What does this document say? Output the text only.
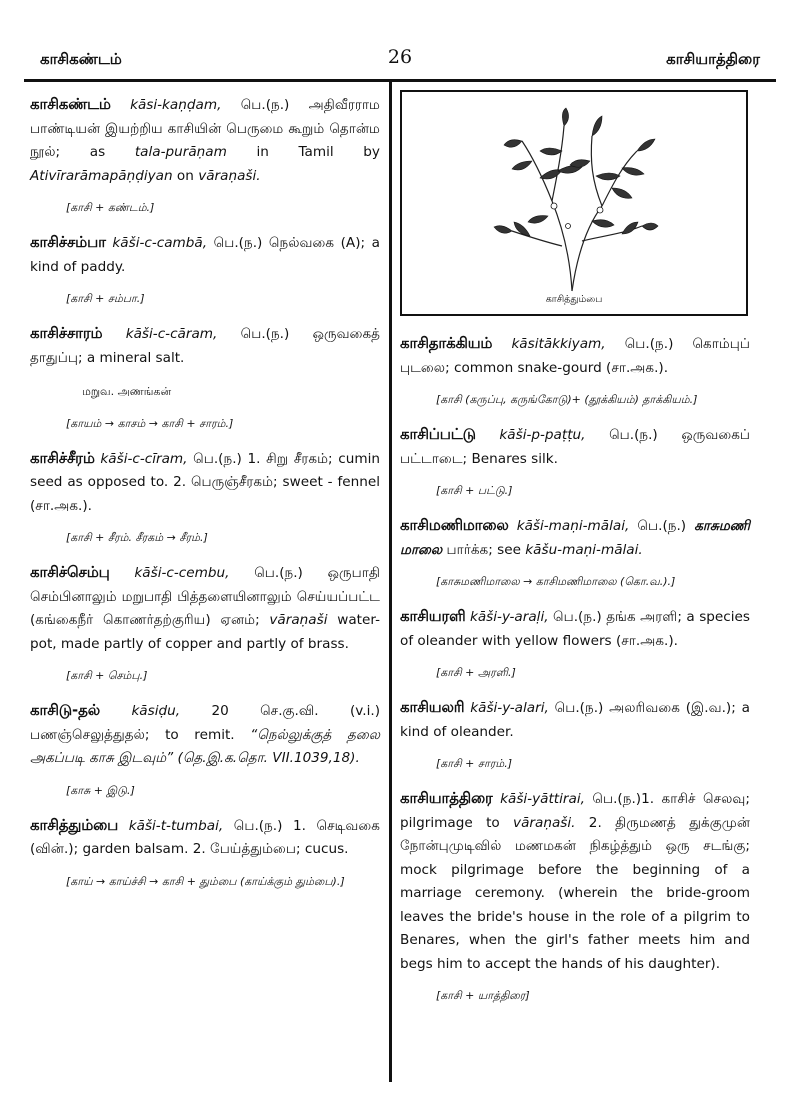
காசிகண்டம்	26	காசியாத்திரை
காசிகண்டம் kāsi-kaṇḍam, பெ.(ந.) அதிவீரராம பாண்டியன் இயற்றிய காசியின் பெருமை கூறும் தொன்ம நூல்; as tala-purāṇam in Tamil by Ativīrarāmapāṇḍiyan on vāraṇaši.
[காசி + கண்டம்.]
காசிச்சம்பா kāši-c-cambā, பெ.(ந.) நெல்வகை (A); a kind of paddy.
[காசி + சம்பா.]
காசிச்சாரம் kāši-c-cāram, பெ.(ந.) ஒருவகைத் தாதுப்பு; a mineral salt.
மறுவ. அணங்கன்
[காயம் → காசம் → காசி + சாரம்.]
காசிச்சீரம் kāši-c-cīram, பெ.(ந.) 1. சிறு சீரகம்; cumin seed as opposed to. 2. பெருஞ்சீரகம்; sweet - fennel (சா.அக.).
[காசி + சீரம். சீரகம் → சீரம்.]
காசிச்செம்பு kāši-c-cembu, பெ.(ந.) ஒருபாதி செம்பினாலும் மறுபாதி பித்தளையினாலும் செய்யப்பட்ட (கங்கைநீர் கொணர்தற்குரிய) ஏனம்; vāraṇaši water-pot, made partly of copper and partly of brass.
[காசி + செம்பு.]
காசிடு-தல் kāsiḍu, 20 செ.கு.வி. (v.i.) பணஞ்செலுத்துதல்; to remit. “நெல்லுக்குத் தலை அகப்படி காசு இடவும்” (தெ.இ.க.தொ. VII.1039,18).
[காசு + இடு.]
காசித்தும்பை kāši-t-tumbai, பெ.(ந.) 1. செடிவகை (வின்.); garden balsam. 2. பேய்த்தும்பை; cucus.
[காய் → காய்ச்சி → காசி + தும்பை (காய்க்கும் தும்பை).]
காசித்தும்பை
காசிதாக்கியம் kāsitākkiyam, பெ.(ந.) கொம்புப் புடலை; common snake-gourd (சா.அக.).
[காசி (கருப்பு, கருங்கோடு)+ (தூக்கியம்) தாக்கியம்.]
காசிப்பட்டு kāši-p-paṭṭu, பெ.(ந.) ஒருவகைப் பட்டாடை; Benares silk.
[காசி + பட்டு.]
காசிமணிமாலை kāši-maṇi-mālai, பெ.(ந.) காசுமணி மாலை பார்க்க; see kāšu-maṇi-mālai.
[காசுமணிமாலை → காசிமணிமாலை (கொ.வ.).]
காசியரளி kāši-y-araḷi, பெ.(ந.) தங்க அரளி; a species of oleander with yellow flowers (சா.அக.).
[காசி + அரளி.]
காசியலரி kāši-y-alari, பெ.(ந.) அலரிவகை (இ.வ.); a kind of oleander.
[காசி + சாரம்.]
காசியாத்திரை kāši-yāttirai, பெ.(ந.)1. காசிச் செலவு; pilgrimage to vāraṇaši. 2. திருமணத் துக்குமுன் நோன்புமுடிவில் மணமகன் நிகழ்த்தும் ஒரு சடங்கு; mock pilgrimage before the beginning of a marriage ceremony. (wherein the bride-groom leaves the bride's house in the role of a pilgrim to Benares, when the girl's father meets him and begs him to accept the hands of his daughter).
[காசி + யாத்திரை]
